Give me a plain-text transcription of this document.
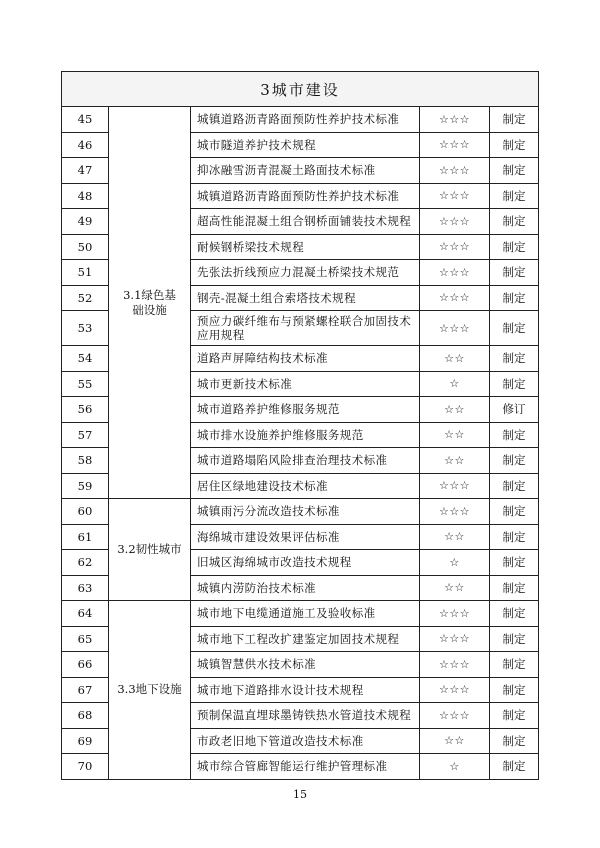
3城市建设				
45	3.1绿色基础设施	城镇道路沥青路面预防性养护技术标准	☆☆☆	制定
46		城市隧道养护技术规程	☆☆☆	制定
47		抑冰融雪沥青混凝土路面技术标准	☆☆☆	制定
48		城镇道路沥青路面预防性养护技术标准	☆☆☆	制定
49		超高性能混凝土组合钢桥面铺装技术规程	☆☆☆	制定
50		耐候钢桥梁技术规程	☆☆☆	制定
51		先张法折线预应力混凝土桥梁技术规范	☆☆☆	制定
52		钢壳-混凝土组合索塔技术规程	☆☆☆	制定
53		预应力碳纤维布与预紧螺栓联合加固技术应用规程	☆☆☆	制定
54		道路声屏障结构技术标准	☆☆	制定
55		城市更新技术标准	☆	制定
56		城市道路养护维修服务规范	☆☆	修订
57		城市排水设施养护维修服务规范	☆☆	制定
58		城市道路塌陷风险排查治理技术标准	☆☆	制定
59		居住区绿地建设技术标准	☆☆☆	制定
60	3.2韧性城市	城镇雨污分流改造技术标准	☆☆☆	制定
61		海绵城市建设效果评估标准	☆☆	制定
62		旧城区海绵城市改造技术规程	☆	制定
63		城镇内涝防治技术标准	☆☆	制定
64	3.3地下设施	城市地下电缆通道施工及验收标准	☆☆☆	制定
65		城市地下工程改扩建鉴定加固技术规程	☆☆☆	制定
66		城镇智慧供水技术标准	☆☆☆	制定
67		城市地下道路排水设计技术规程	☆☆☆	制定
68		预制保温直埋球墨铸铁热水管道技术规程	☆☆☆	制定
69		市政老旧地下管道改造技术标准	☆☆	制定
70		城市综合管廊智能运行维护管理标准	☆	制定
15
